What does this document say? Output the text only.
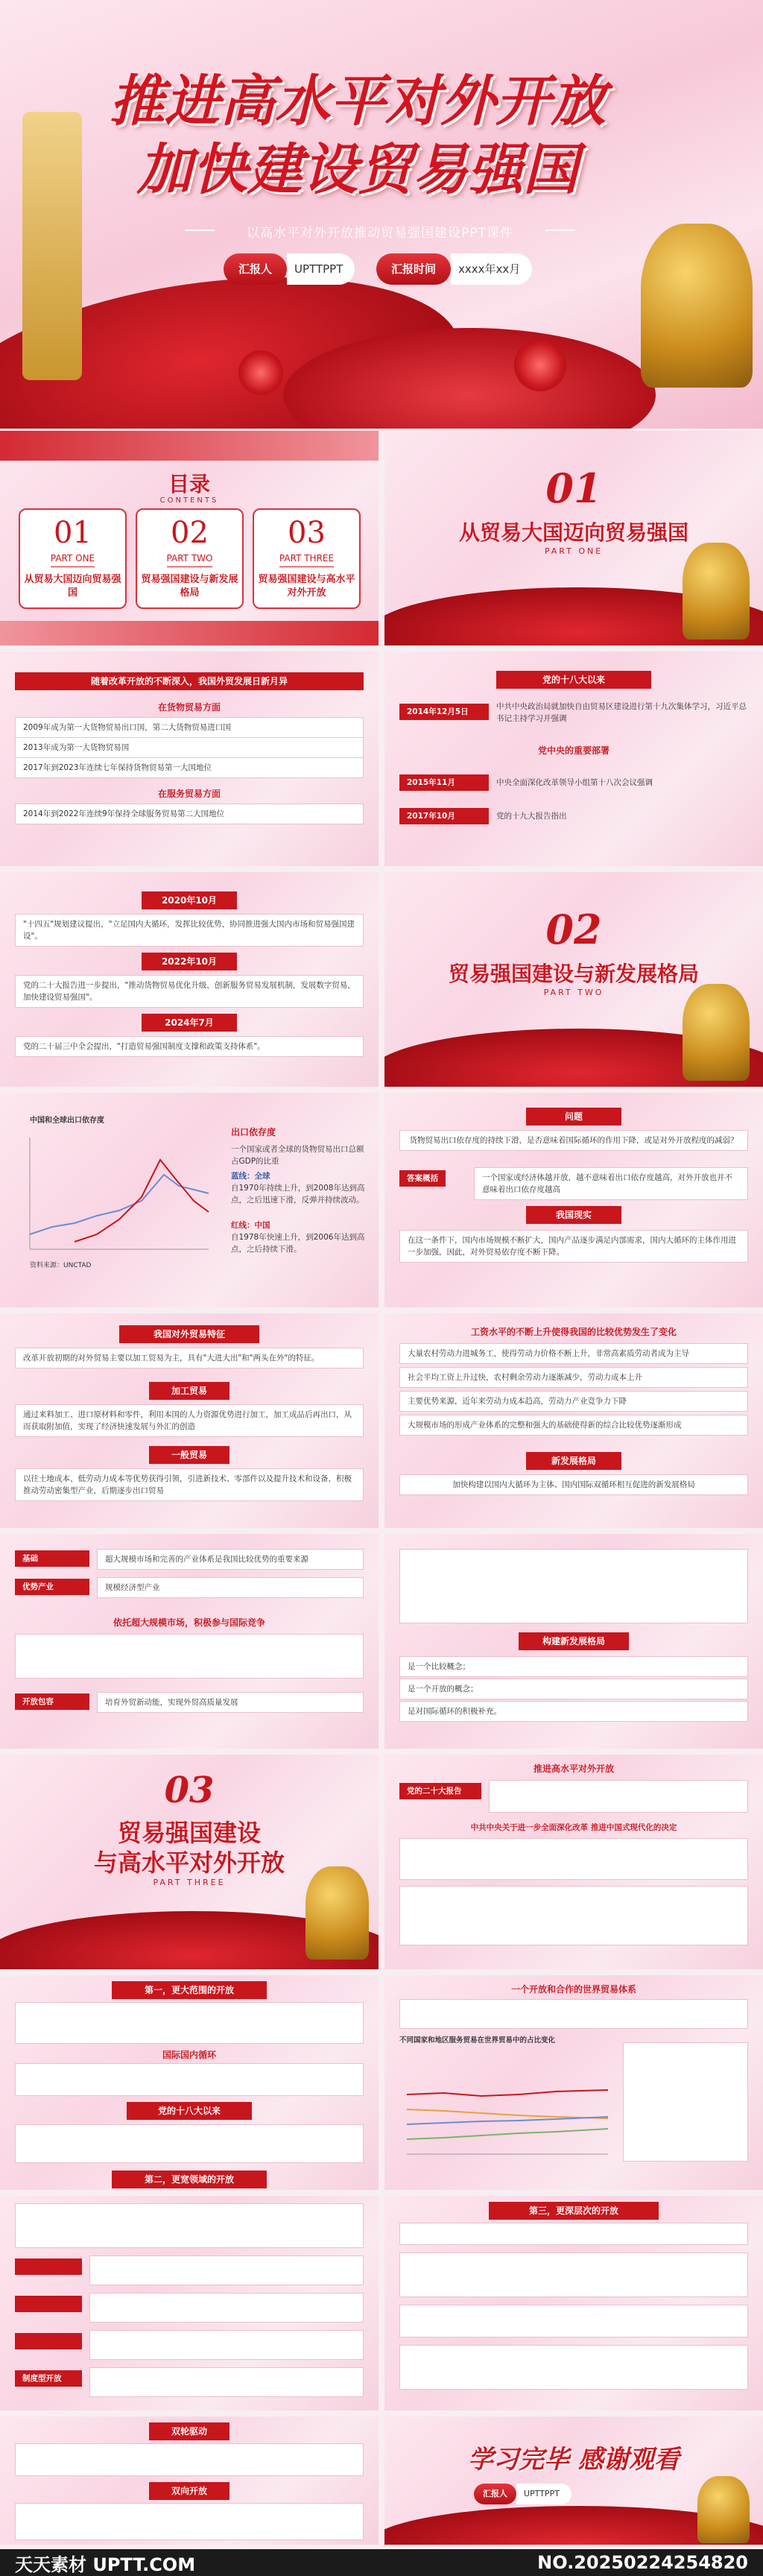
推进高水平对外开放
加快建设贸易强国
以高水平对外开放推动贸易强国建设PPT课件
汇报人	UPTTPPT	汇报时间	xxxx年xx月
目录
CONTENTS
01
PART ONE
从贸易大国迈向贸易强国
02
PART TWO
贸易强国建设与新发展格局
03
PART THREE
贸易强国建设与高水平对外开放
01
从贸易大国迈向贸易强国
PART ONE
随着改革开放的不断深入，我国外贸发展日新月异
在货物贸易方面
2009年成为第一大货物贸易出口国，第二大货物贸易进口国
2013年成为第一大货物贸易国
2017年到2023年连续七年保持货物贸易第一大国地位
在服务贸易方面
2014年到2022年连续9年保持全球服务贸易第二大国地位
党的十八大以来
2014年12月5日
中共中央政治局就加快自由贸易区建设进行第十九次集体学习，习近平总书记主持学习并强调
党中央的重要部署
2015年11月	中央全面深化改革领导小组第十八次会议强调
2017年10月	党的十九大报告指出
2020年10月
"十四五"规划建议提出，"立足国内大循环，发挥比较优势，协同推进强大国内市场和贸易强国建设"。
2022年10月
党的二十大报告进一步提出，"推动货物贸易优化升级，创新服务贸易发展机制，发展数字贸易，加快建设贸易强国"。
2024年7月
党的二十届三中全会提出，"打造贸易强国制度支撑和政策支持体系"。
02
贸易强国建设与新发展格局
PART TWO
中国和全球出口依存度
资料来源：UNCTAD
出口依存度
一个国家或者全球的货物贸易出口总额占GDP的比重
蓝线：全球
自1970年持续上升，到2008年达到高点，之后迅速下滑，反弹并持续波动。
红线：中国
自1978年快速上升，到2006年达到高点，之后持续下滑。
问题
货物贸易出口依存度的持续下滑，是否意味着国际循环的作用下降，或是对外开放程度的减弱？
答案概括	一个国家或经济体越开放，越不意味着出口依存度越高，对外开放也并不意味着出口依存度越高
我国现实
在这一条件下，国内市场规模不断扩大，国内产品逐步满足内部需求，国内大循环的主体作用进一步加强，因此，对外贸易依存度不断下降。
我国对外贸易特征
改革开放初期的对外贸易主要以加工贸易为主，具有"大进大出"和"两头在外"的特征。
加工贸易
通过来料加工、进口原材料和零件，利用本国的人力资源优势进行加工，加工成品后再出口，从而获取附加值，实现了经济快速发展与外汇的创造
一般贸易
以往土地成本、低劳动力成本等优势获得引领，引进新技术、零部件以及提升技术和设备，积极推动劳动密集型产业，后期逐步出口贸易
工资水平的不断上升使得我国的比较优势发生了变化
大量农村劳动力进城务工，使得劳动力价格不断上升，非常高素质劳动者成为主导
社会平均工资上升过快，农村剩余劳动力逐渐减少，劳动力成本上升
主要优势来源，近年来劳动力成本趋高，劳动力产业竞争力下降
大规模市场的形成产业体系的完整和强大的基础使得新的综合比较优势逐渐形成
新发展格局
加快构建以国内大循环为主体、国内国际双循环相互促进的新发展格局
基础	超大规模市场和完善的产业体系是我国比较优势的重要来源
优势产业	规模经济型产业
依托超大规模市场，积极参与国际竞争
开放包容	培育外贸新动能，实现外贸高质量发展
构建新发展格局
是一个比较概念；
是一个开放的概念；
是对国际循环的积极补充。
03
贸易强国建设
与高水平对外开放
PART THREE
推进高水平对外开放
党的二十大报告
中共中央关于进一步全面深化改革 推进中国式现代化的决定
第一，更大范围的开放
国际国内循环
党的十八大以来
第二，更宽领域的开放
一个开放和合作的世界贸易体系
不同国家和地区服务贸易在世界贸易中的占比变化
制度型开放
第三，更深层次的开放
双轮驱动
双向开放
学习完毕 感谢观看
汇报人	UPTTPPT
天天素材 UPTT.COM	NO.20250224254820
